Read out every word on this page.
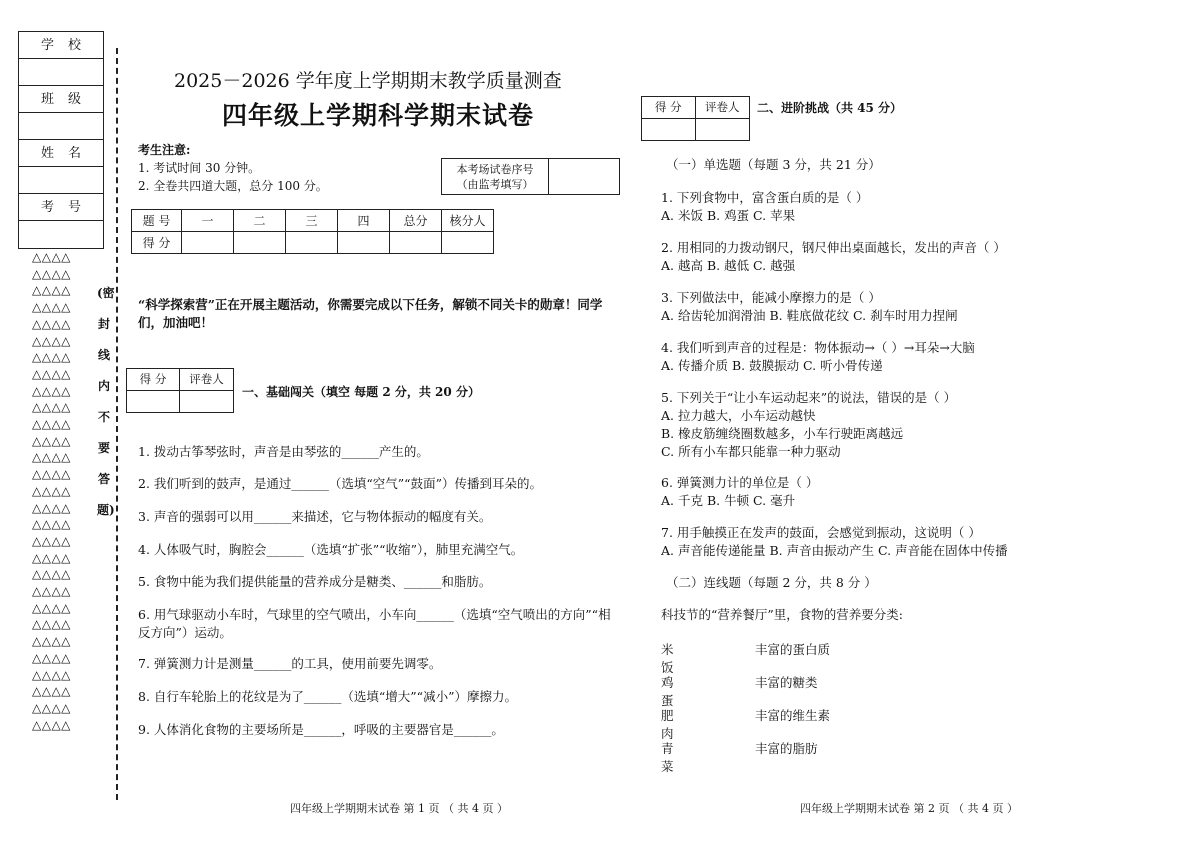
学校
班级
姓名
考号
△△△△
△△△△
△△△△
△△△△
△△△△
△△△△
△△△△
△△△△
△△△△
△△△△
△△△△
△△△△
△△△△
△△△△
△△△△
△△△△
△△△△
△△△△
△△△△
△△△△
△△△△
△△△△
△△△△
△△△△
△△△△
△△△△
△△△△
△△△△
△△△△
(密
封
线
内
不
要
答
题)
2025－2026 学年度上学期期末教学质量测查
四年级上学期科学期末试卷
考生注意:
1. 考试时间 30 分钟。
2. 全卷共四道大题，总分 100 分。
本考场试卷序号
（由监考填写）
题 号	一	二	三	四	总分	核分人
得 分						
“科学探索营”正在开展主题活动，你需要完成以下任务，解锁不同关卡的勋章！同学们，加油吧！
得 分	评卷人
一、基础闯关（填空 每题 2 分，共 20 分）
1. 拨动古筝琴弦时，声音是由琴弦的______产生的。
2. 我们听到的鼓声，是通过______（选填“空气”“鼓面”）传播到耳朵的。
3. 声音的强弱可以用______来描述，它与物体振动的幅度有关。
4. 人体吸气时，胸腔会______（选填“扩张”“收缩”），肺里充满空气。
5. 食物中能为我们提供能量的营养成分是糖类、______和脂肪。
6. 用气球驱动小车时，气球里的空气喷出，小车向______（选填“空气喷出的方向”“相反方向”）运动。
7. 弹簧测力计是测量______的工具，使用前要先调零。
8. 自行车轮胎上的花纹是为了______（选填“增大”“减小”）摩擦力。
9. 人体消化食物的主要场所是______，呼吸的主要器官是______。
得 分	评卷人	二、进阶挑战（共 45 分）
（一）单选题（每题 3 分，共 21 分）
1. 下列食物中，富含蛋白质的是（ ）
A. 米饭 B. 鸡蛋 C. 苹果
2. 用相同的力拨动钢尺，钢尺伸出桌面越长，发出的声音（ ）
A. 越高 B. 越低 C. 越强
3. 下列做法中，能减小摩擦力的是（ ）
A. 给齿轮加润滑油 B. 鞋底做花纹 C. 刹车时用力捏闸
4. 我们听到声音的过程是：物体振动→（ ）→耳朵→大脑
A. 传播介质 B. 鼓膜振动 C. 听小骨传递
5. 下列关于“让小车运动起来”的说法，错误的是（ ）
A. 拉力越大，小车运动越快
B. 橡皮筋缠绕圈数越多，小车行驶距离越远
C. 所有小车都只能靠一种力驱动
6. 弹簧测力计的单位是（ ）
A. 千克 B. 牛顿 C. 毫升
7. 用手触摸正在发声的鼓面，会感觉到振动，这说明（ ）
A. 声音能传递能量 B. 声音由振动产生 C. 声音能在固体中传播
（二）连线题（每题 2 分，共 8 分 ）
科技节的“营养餐厅”里，食物的营养要分类:
米饭
丰富的蛋白质
鸡蛋
丰富的糖类
肥肉
丰富的维生素
青菜
丰富的脂肪
四年级上学期期末试卷 第 1 页 （ 共 4 页 ）	四年级上学期期末试卷 第 2 页 （ 共 4 页 ）
